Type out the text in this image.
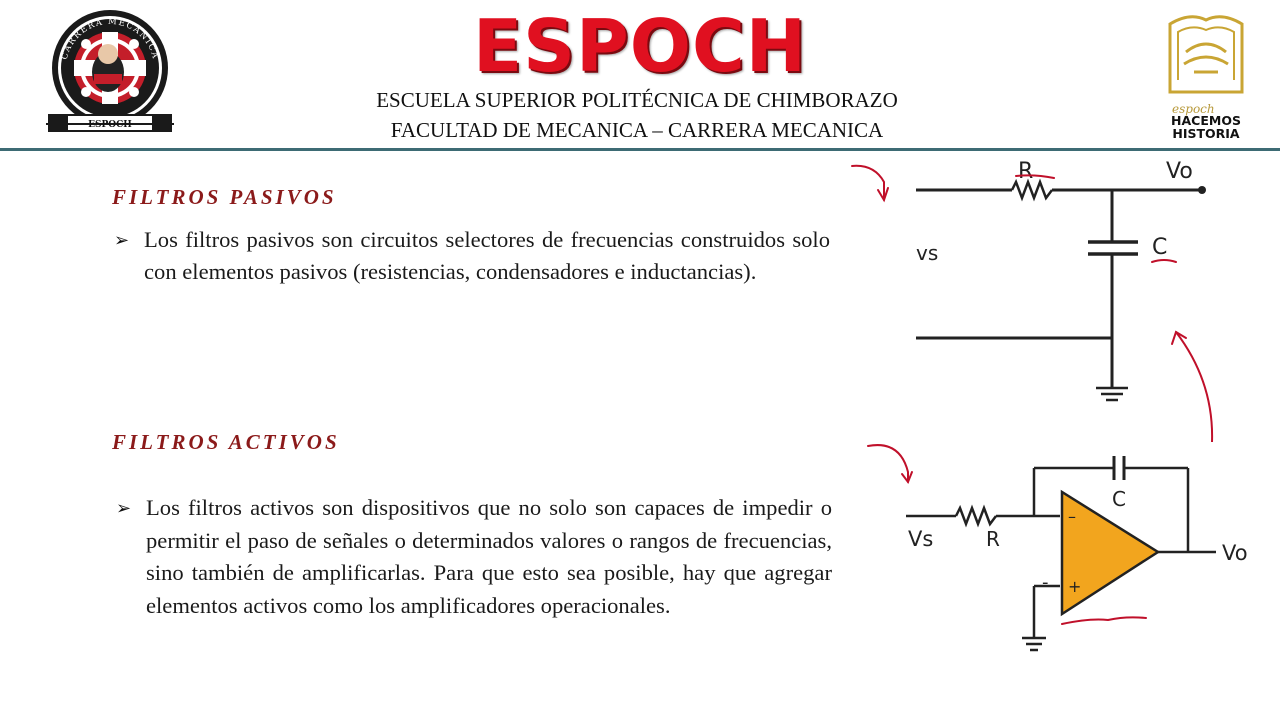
CARRERA MECÁNICA
ESPOCH
ESPOCH
ESCUELA SUPERIOR POLITÉCNICA DE CHIMBORAZO
FACULTAD DE MECANICA – CARRERA MECANICA
espoch
HACEMOS
HISTORIA
FILTROS PASIVOS
➢ Los filtros pasivos son circuitos selectores de frecuencias construidos solo con elementos pasivos (resistencias, condensadores e inductancias).
FILTROS ACTIVOS
➢ Los filtros activos son dispositivos que no solo son capaces de impedir o permitir el paso de señales o determinados valores o rangos de frecuencias, sino también de amplificarlas. Para que esto sea posible, hay que agregar elementos activos como los amplificadores operacionales.
R	Vo
C
vs
–
+
-
Vs	R
C
Vo
